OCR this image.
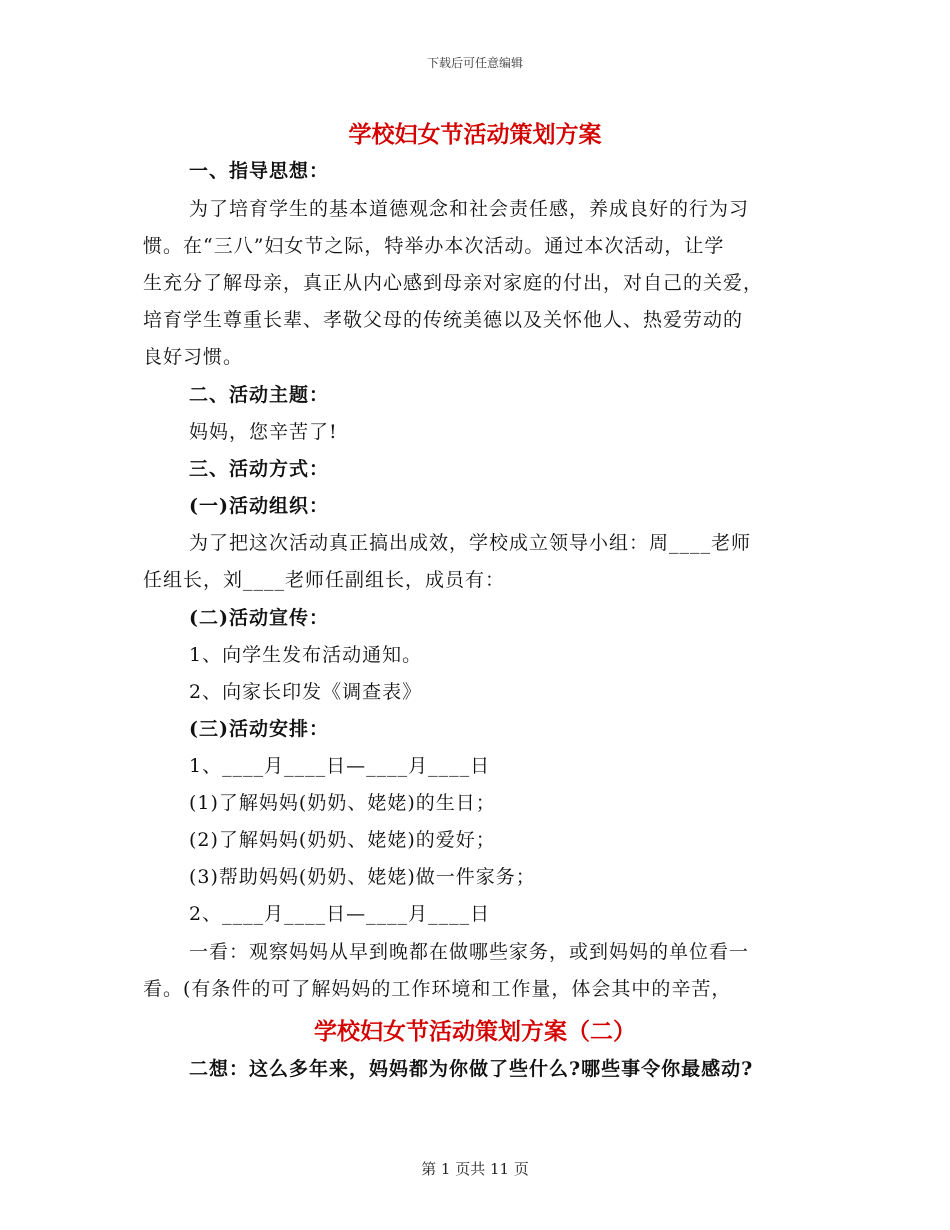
下载后可任意编辑
学校妇女节活动策划方案
一、指导思想：
为了培育学生的基本道德观念和社会责任感，养成良好的行为习
惯。在“三八”妇女节之际，特举办本次活动。通过本次活动，让学
生充分了解母亲，真正从内心感到母亲对家庭的付出，对自己的关爱，
培育学生尊重长辈、孝敬父母的传统美德以及关怀他人、热爱劳动的
良好习惯。
二、活动主题：
妈妈，您辛苦了!
三、活动方式：
(一)活动组织：
为了把这次活动真正搞出成效，学校成立领导小组：周____老师
任组长，刘____老师任副组长，成员有：
(二)活动宣传：
1、向学生发布活动通知。
2、向家长印发《调查表》
(三)活动安排：
1、____月____日—____月____日
(1)了解妈妈(奶奶、姥姥)的生日；
(2)了解妈妈(奶奶、姥姥)的爱好；
(3)帮助妈妈(奶奶、姥姥)做一件家务；
2、____月____日—____月____日
一看：观察妈妈从早到晚都在做哪些家务，或到妈妈的单位看一
看。(有条件的可了解妈妈的工作环境和工作量，体会其中的辛苦，
学校妇女节活动策划方案（二）
二想：这么多年来，妈妈都为你做了些什么?哪些事令你最感动?
第 1 页共 11 页
